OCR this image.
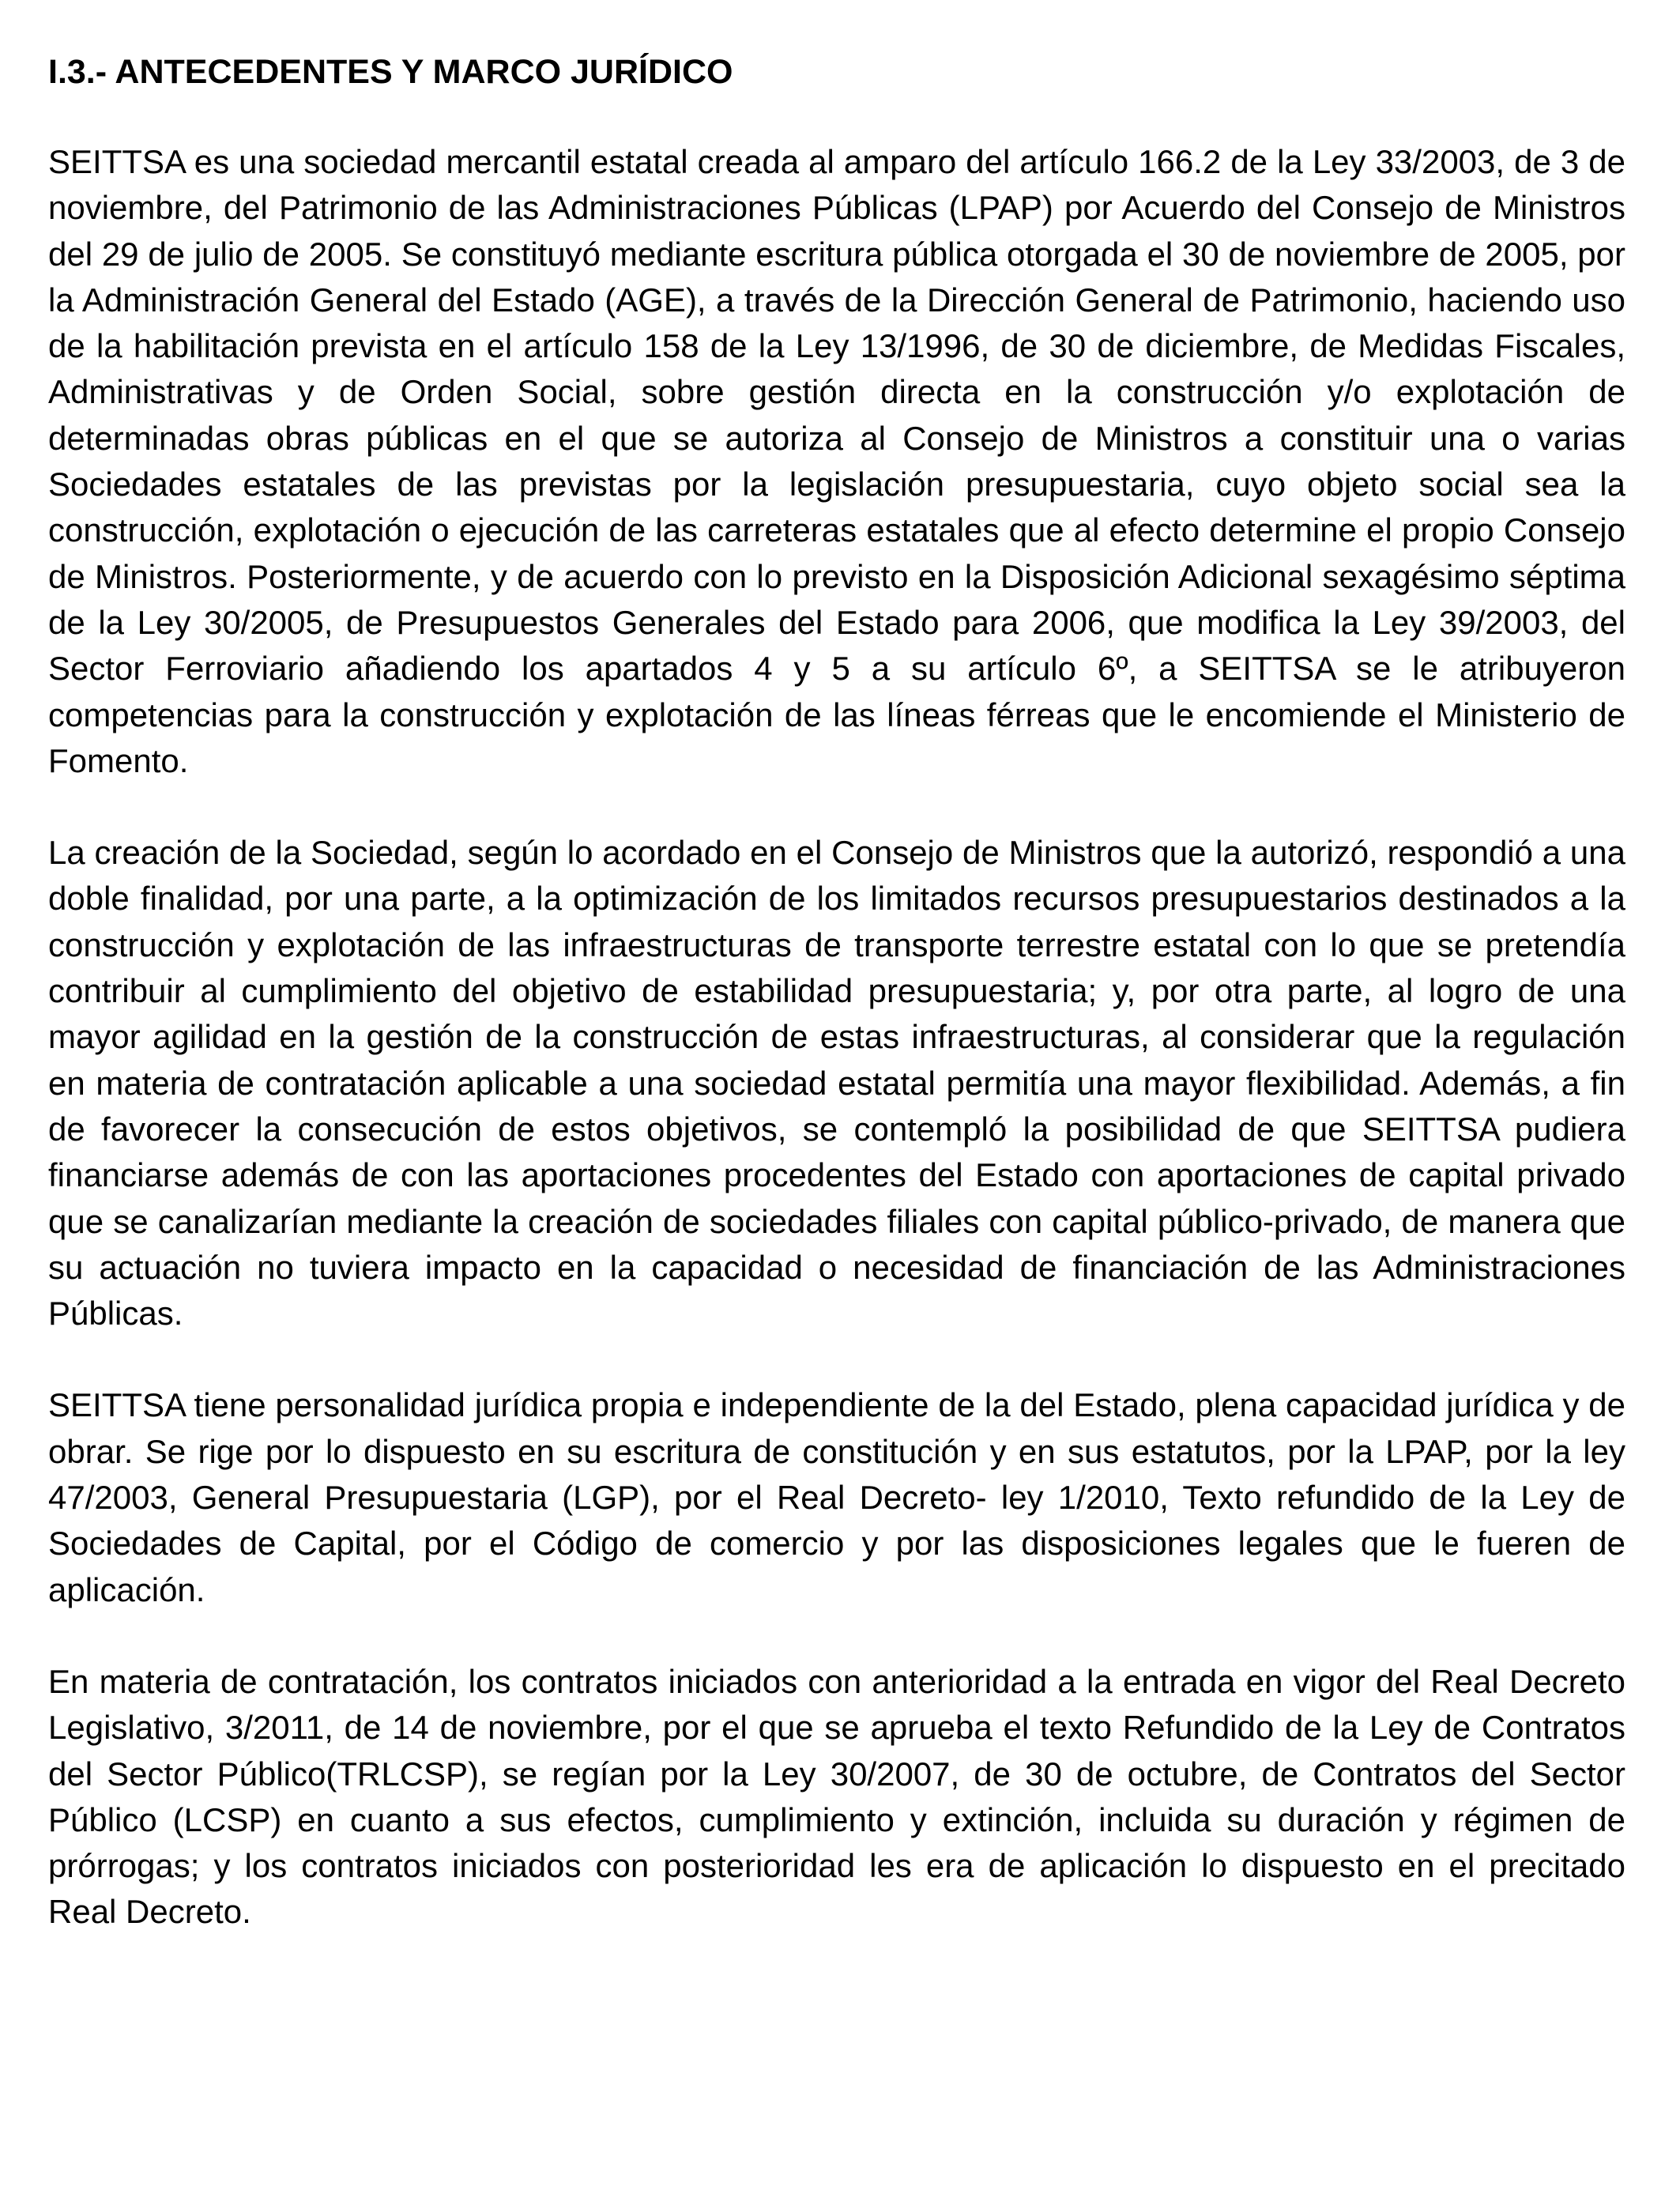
I.3.- ANTECEDENTES Y MARCO JURÍDICO

SEITTSA es una sociedad mercantil estatal creada al amparo del artículo 166.2 de la Ley 33/2003, de 3 de noviembre, del Patrimonio de las Administraciones Públicas (LPAP) por Acuerdo del Consejo de Ministros del 29 de julio de 2005. Se constituyó mediante escritura pública otorgada el 30 de noviembre de 2005, por la Administración General del Estado (AGE), a través de la Dirección General de Patrimonio, haciendo uso de la habilitación prevista en el artículo 158 de la Ley 13/1996, de 30 de diciembre, de Medidas Fiscales, Administrativas y de Orden Social, sobre gestión directa en la construcción y/o explotación de determinadas obras públicas en el que se autoriza al Consejo de Ministros a constituir una o varias Sociedades estatales de las previstas por la legislación presupuestaria, cuyo objeto social sea la construcción, explotación o ejecución de las carreteras estatales que al efecto determine el propio Consejo de Ministros. Posteriormente, y de acuerdo con lo previsto en la Disposición Adicional sexagésimo séptima de la Ley 30/2005, de Presupuestos Generales del Estado para 2006, que modifica la Ley 39/2003, del Sector Ferroviario añadiendo los apartados 4 y 5 a su artículo 6º, a SEITTSA se le atribuyeron competencias para la construcción y explotación de las líneas férreas que le encomiende el Ministerio de Fomento.

La creación de la Sociedad, según lo acordado en el Consejo de Ministros que la autorizó, respondió a una doble finalidad, por una parte, a la optimización de los limitados recursos presupuestarios destinados a la construcción y explotación de las infraestructuras de transporte terrestre estatal con lo que se pretendía contribuir al cumplimiento del objetivo de estabilidad presupuestaria; y, por otra parte, al logro de una mayor agilidad en la gestión de la construcción de estas infraestructuras, al considerar que la regulación en materia de contratación aplicable a una sociedad estatal permitía una mayor flexibilidad. Además, a fin de favorecer la consecución de estos objetivos, se contempló la posibilidad de que SEITTSA pudiera financiarse además de con las aportaciones procedentes del Estado con aportaciones de capital privado que se canalizarían mediante la creación de sociedades filiales con capital público-privado, de manera que su actuación no tuviera impacto en la capacidad o necesidad de financiación de las Administraciones Públicas.

SEITTSA tiene personalidad jurídica propia e independiente de la del Estado, plena capacidad jurídica y de obrar. Se rige por lo dispuesto en su escritura de constitución y en sus estatutos, por la LPAP, por la ley 47/2003, General Presupuestaria (LGP), por el Real Decreto- ley 1/2010, Texto refundido de la Ley de Sociedades de Capital, por el Código de comercio y por las disposiciones legales que le fueren de aplicación.

En materia de contratación, los contratos iniciados con anterioridad a la entrada en vigor del Real Decreto Legislativo, 3/2011, de 14 de noviembre, por el que se aprueba el texto Refundido de la Ley de Contratos del Sector Público(TRLCSP), se regían por la Ley 30/2007, de 30 de octubre, de Contratos del Sector Público (LCSP) en cuanto a sus efectos, cumplimiento y extinción, incluida su duración y régimen de prórrogas; y los contratos iniciados con posterioridad les era de aplicación lo dispuesto en el precitado Real Decreto.
